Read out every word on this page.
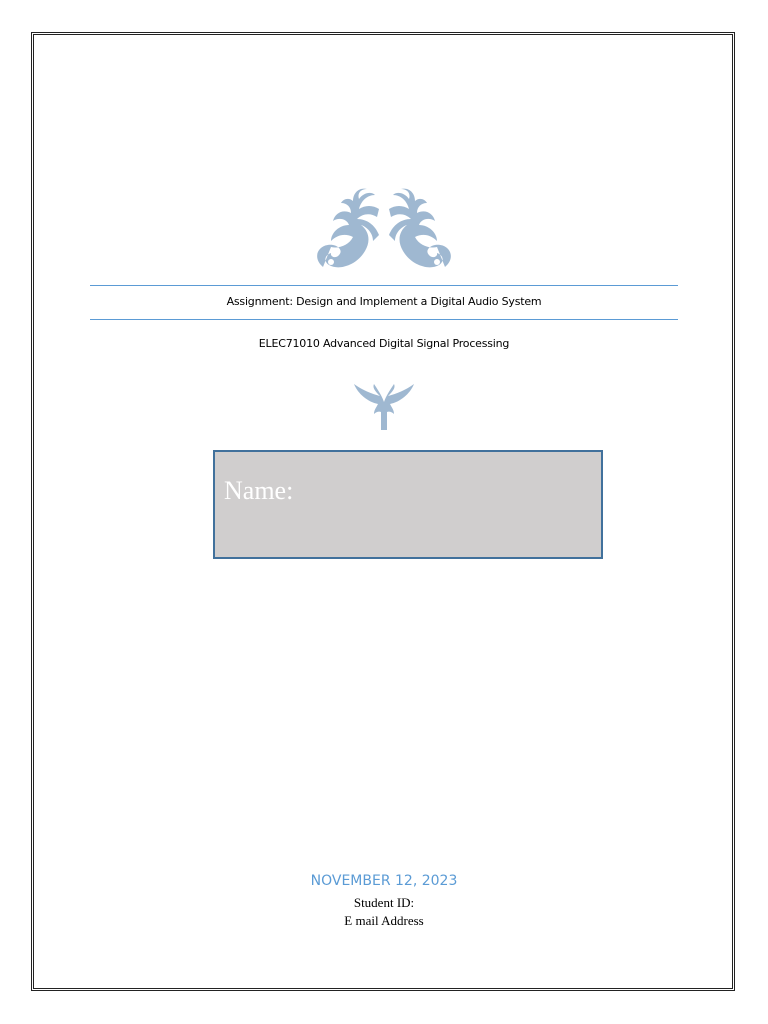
Assignment: Design and Implement a Digital Audio System
ELEC71010 Advanced Digital Signal Processing
Name:
NOVEMBER 12, 2023
Student ID:
E mail Address
